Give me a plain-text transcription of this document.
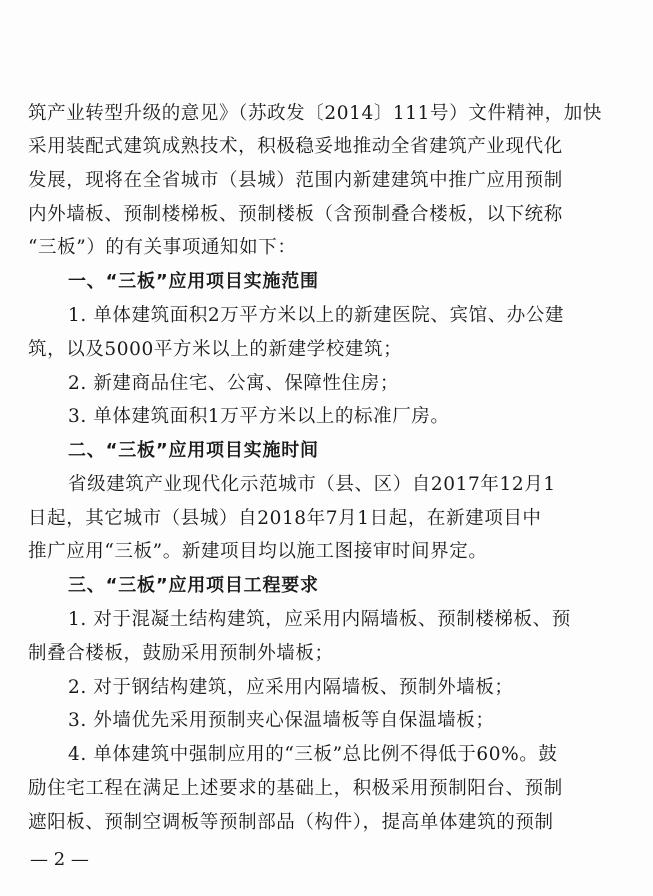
筑产业转型升级的意见》（苏政发〔2014〕111号）文件精神，加快
采用装配式建筑成熟技术，积极稳妥地推动全省建筑产业现代化
发展，现将在全省城市（县城）范围内新建建筑中推广应用预制
内外墙板、预制楼梯板、预制楼板（含预制叠合楼板，以下统称
“三板”）的有关事项通知如下：
一、“三板”应用项目实施范围
1. 单体建筑面积2万平方米以上的新建医院、宾馆、办公建
筑，以及5000平方米以上的新建学校建筑；
2. 新建商品住宅、公寓、保障性住房；
3. 单体建筑面积1万平方米以上的标准厂房。
二、“三板”应用项目实施时间
省级建筑产业现代化示范城市（县、区）自2017年12月1
日起，其它城市（县城）自2018年7月1日起，在新建项目中
推广应用“三板”。新建项目均以施工图接审时间界定。
三、“三板”应用项目工程要求
1. 对于混凝土结构建筑，应采用内隔墙板、预制楼梯板、预
制叠合楼板，鼓励采用预制外墙板；
2. 对于钢结构建筑，应采用内隔墙板、预制外墙板；
3. 外墙优先采用预制夹心保温墙板等自保温墙板；
4. 单体建筑中强制应用的“三板”总比例不得低于60%。鼓
励住宅工程在满足上述要求的基础上，积极采用预制阳台、预制
遮阳板、预制空调板等预制部品（构件），提高单体建筑的预制
— 2 —
